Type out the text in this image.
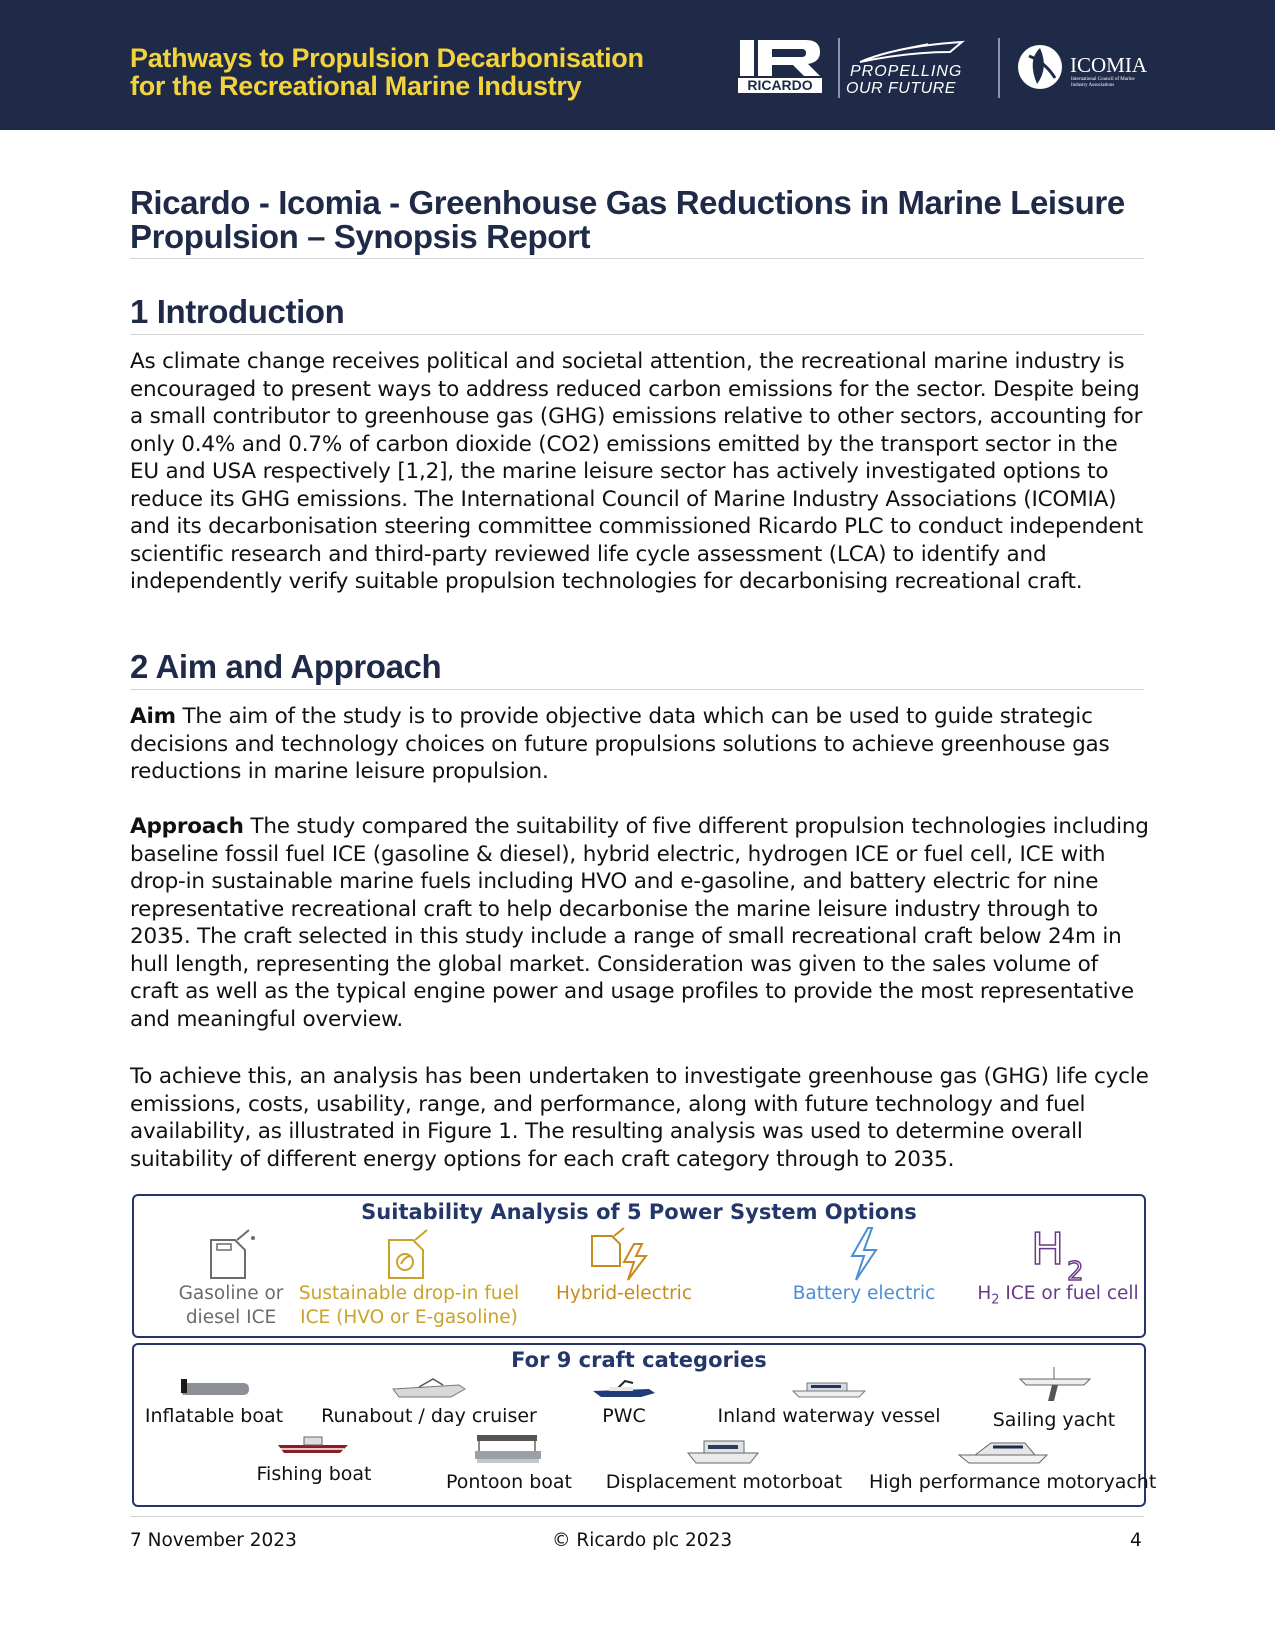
Pathways to Propulsion Decarbonisation
for the Recreational Marine Industry	RICARDO
PROPELLING
OUR FUTURE
ICOMIA
International Council of Marine Industry Associations
Ricardo - Icomia - Greenhouse Gas Reductions in Marine Leisure
Propulsion – Synopsis Report
1 Introduction
As climate change receives political and societal attention, the recreational marine industry is encouraged to present ways to address reduced carbon emissions for the sector. Despite being a small contributor to greenhouse gas (GHG) emissions relative to other sectors, accounting for only 0.4% and 0.7% of carbon dioxide (CO2) emissions emitted by the transport sector in the EU and USA respectively [1,2], the marine leisure sector has actively investigated options to reduce its GHG emissions. The International Council of Marine Industry Associations (ICOMIA) and its decarbonisation steering committee commissioned Ricardo PLC to conduct independent scientific research and third-party reviewed life cycle assessment (LCA) to identify and independently verify suitable propulsion technologies for decarbonising recreational craft.
2 Aim and Approach
Aim The aim of the study is to provide objective data which can be used to guide strategic decisions and technology choices on future propulsions solutions to achieve greenhouse gas reductions in marine leisure propulsion.
Approach The study compared the suitability of five different propulsion technologies including baseline fossil fuel ICE (gasoline & diesel), hybrid electric, hydrogen ICE or fuel cell, ICE with drop-in sustainable marine fuels including HVO and e-gasoline, and battery electric for nine representative recreational craft to help decarbonise the marine leisure industry through to 2035. The craft selected in this study include a range of small recreational craft below 24m in hull length, representing the global market. Consideration was given to the sales volume of craft as well as the typical engine power and usage profiles to provide the most representative and meaningful overview.
To achieve this, an analysis has been undertaken to investigate greenhouse gas (GHG) life cycle emissions, costs, usability, range, and performance, along with future technology and fuel availability, as illustrated in Figure 1. The resulting analysis was used to determine overall suitability of different energy options for each craft category through to 2035.
Suitability Analysis of 5 Power System Options
Gasoline or
diesel ICE
Sustainable drop-in fuel
ICE (HVO or E-gasoline)
Hybrid-electric	Battery electric
H 2
$H_2$ ICE or fuel cell
For 9 craft categories
Inflatable boat	Runabout / day cruiser	PWC	Inland waterway vessel	Sailing yacht
Fishing boat	Pontoon boat	Displacement motorboat High performance motoryacht
7 November 2023	© Ricardo plc 2023	4
